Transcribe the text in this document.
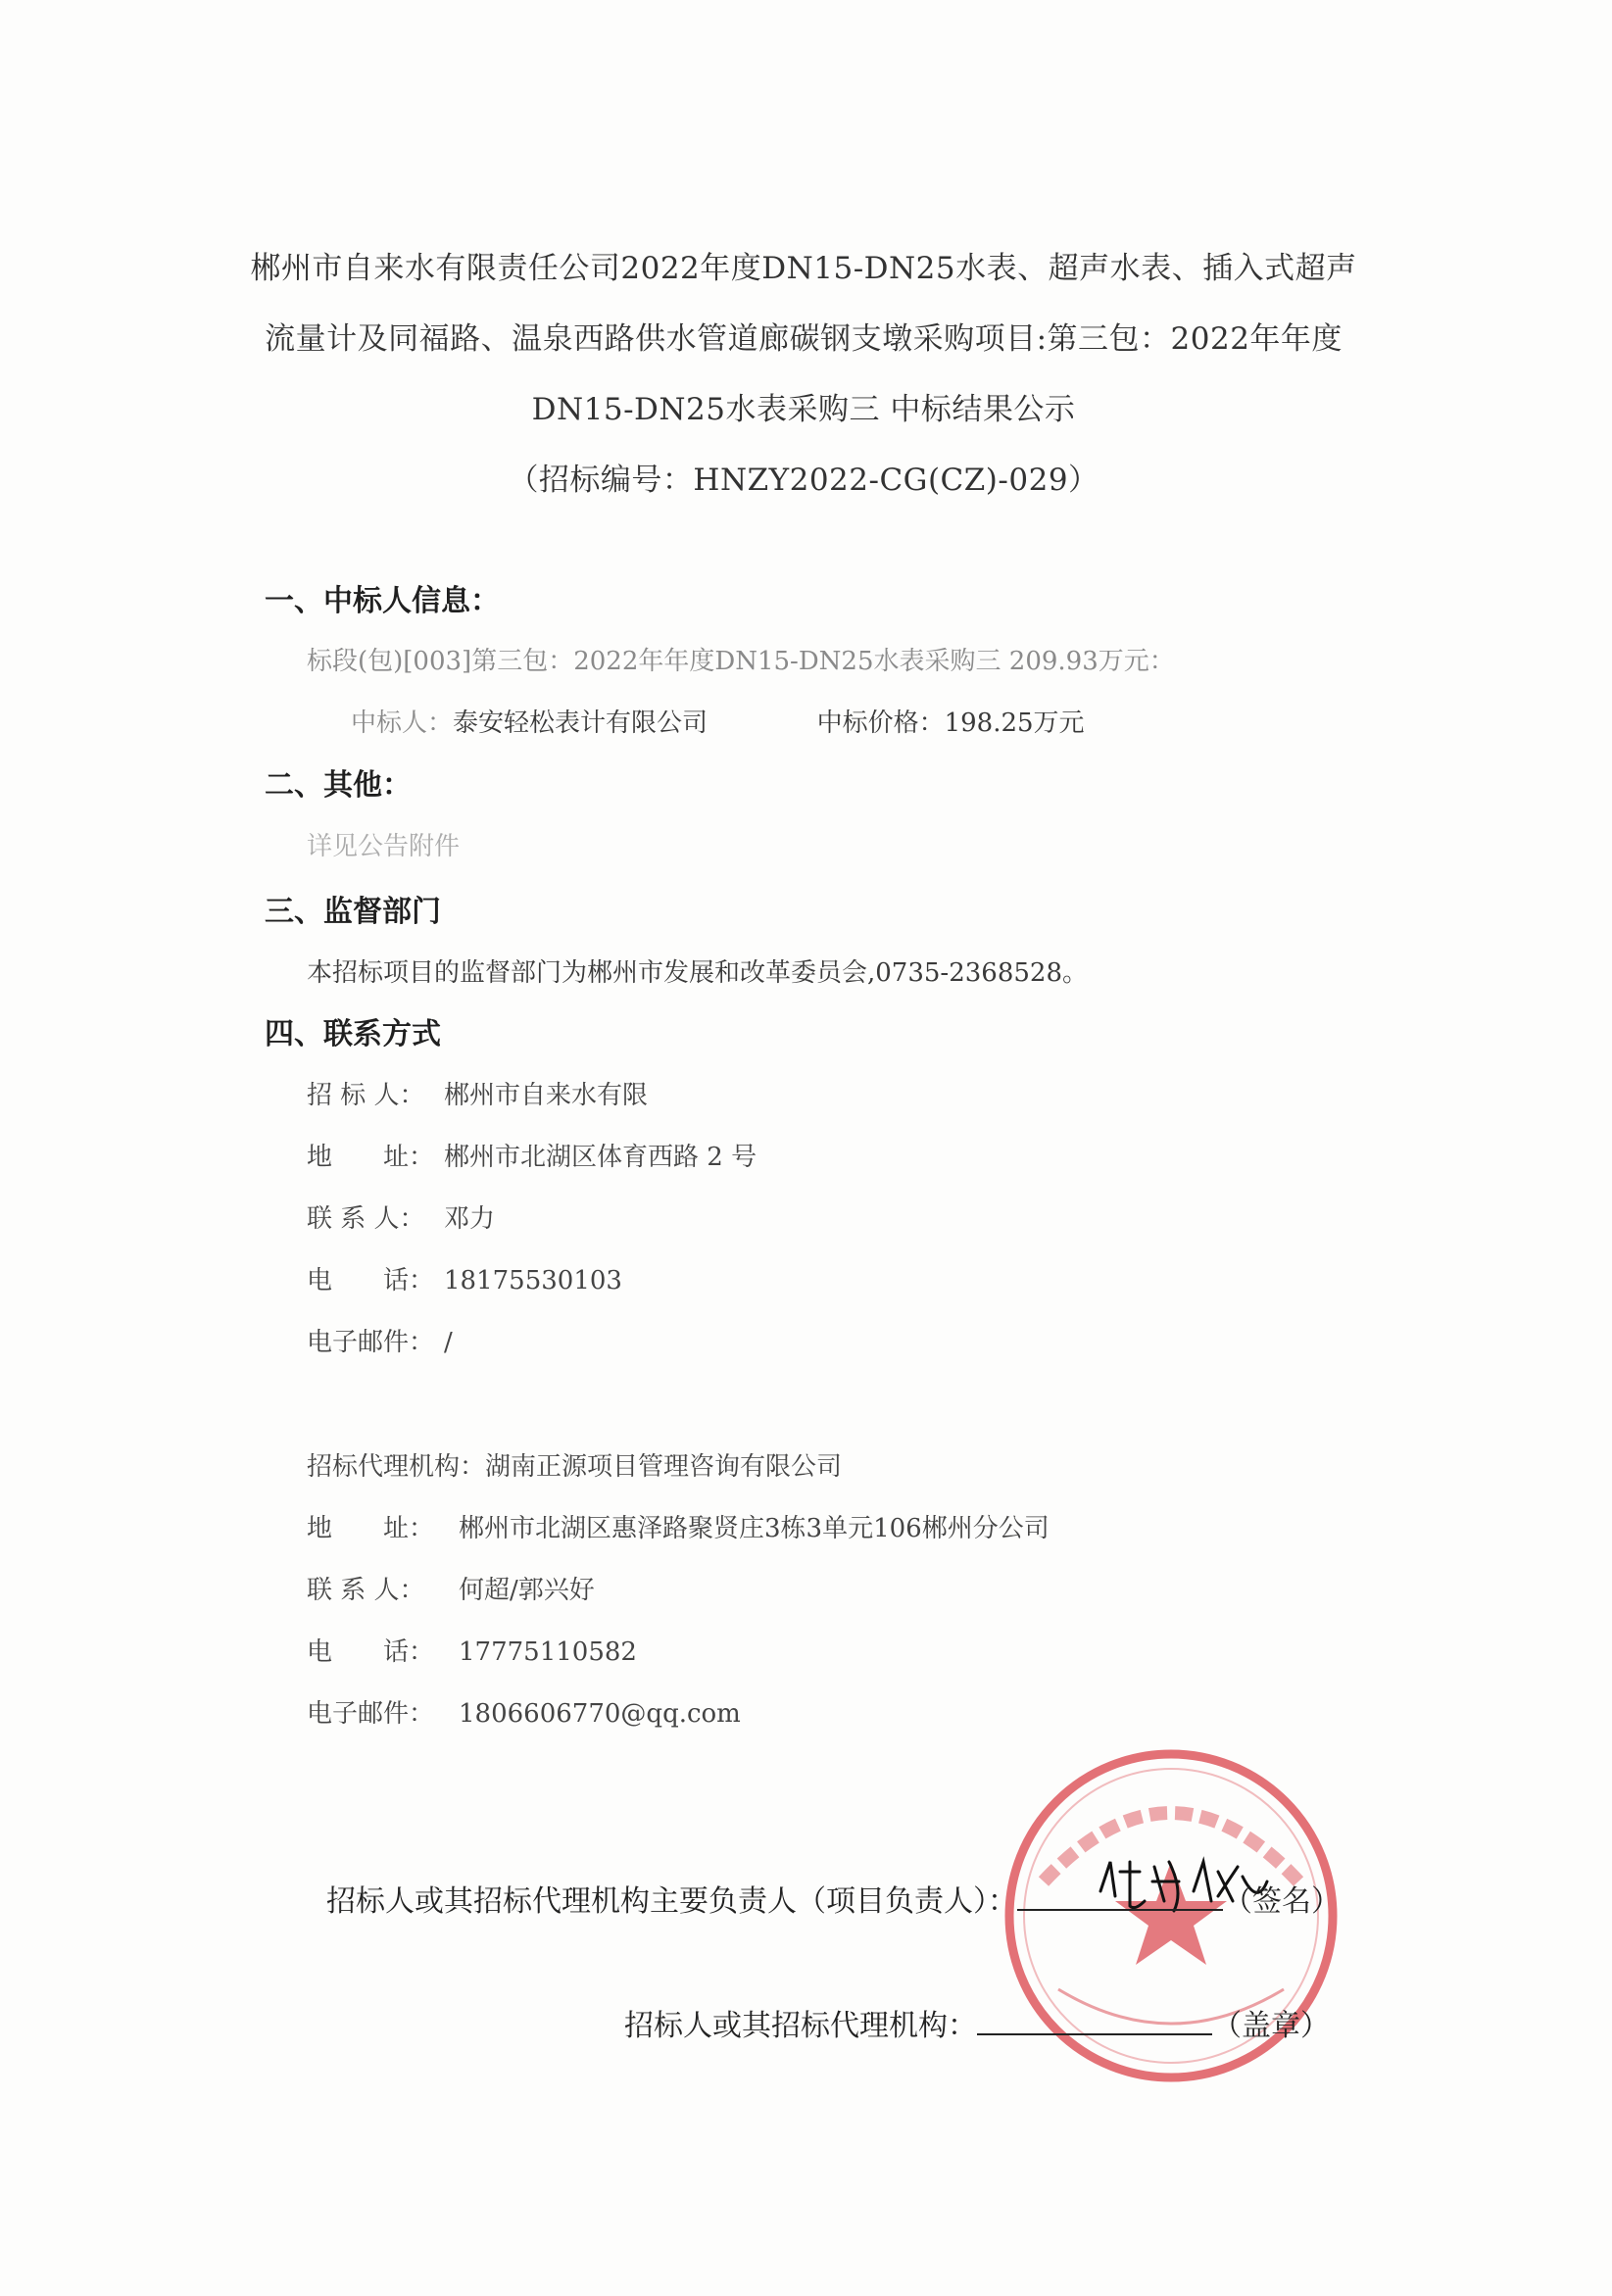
郴州市自来水有限责任公司2022年度DN15-DN25水表、超声水表、插入式超声
流量计及同福路、温泉西路供水管道廊碳钢支墩采购项目:第三包：2022年年度
DN15-DN25水表采购三 中标结果公示
（招标编号：HNZY2022-CG(CZ)-029）
一、中标人信息：
标段(包)[003]第三包：2022年年度DN15-DN25水表采购三 209.93万元：
中标人：泰安轻松表计有限公司	中标价格：198.25万元
二、其他：
详见公告附件
三、监督部门
本招标项目的监督部门为郴州市发展和改革委员会,0735-2368528。
四、联系方式
招 标 人： 郴州市自来水有限
地　　址： 郴州市北湖区体育西路 2 号
联 系 人： 邓力
电　　话： 18175530103
电子邮件： /
招标代理机构：湖南正源项目管理咨询有限公司
地　　址： 郴州市北湖区惠泽路聚贤庄3栋3单元106郴州分公司
联 系 人： 何超/郭兴好
电　　话： 17775110582
电子邮件： 1806606770@qq.com
招标人或其招标代理机构主要负责人（项目负责人）：	（签名）
招标人或其招标代理机构：	（盖章）
